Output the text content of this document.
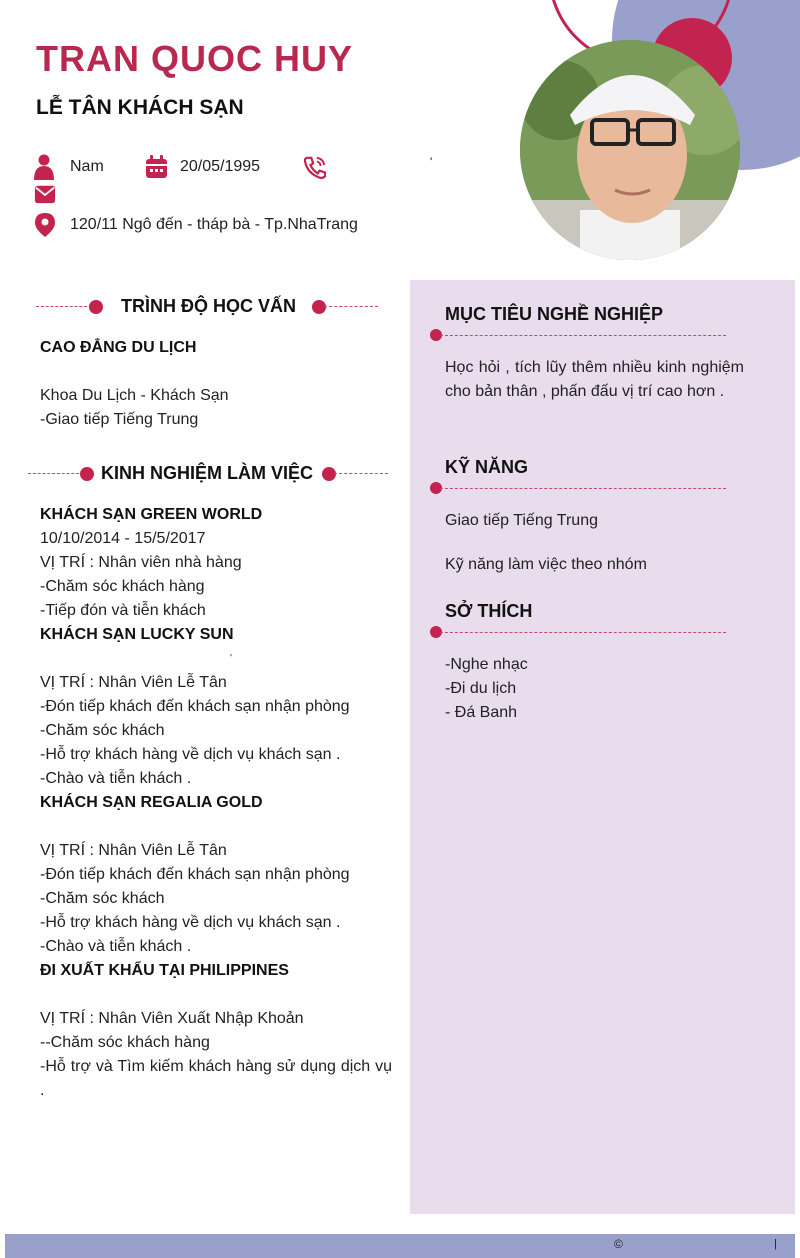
TRAN QUOC HUY
LỄ TÂN KHÁCH SẠN
Nam	20/05/1995	'
120/11 Ngô đến - tháp bà - Tp.NhaTrang
TRÌNH ĐỘ HỌC VẤN
CAO ĐẲNG DU LỊCH
Khoa Du Lịch - Khách Sạn
-Giao tiếp Tiếng Trung
KINH NGHIỆM LÀM VIỆC
KHÁCH SẠN GREEN WORLD
10/10/2014 - 15/5/2017
VỊ TRÍ : Nhân viên nhà hàng
-Chăm sóc khách hàng
-Tiếp đón và tiễn khách
KHÁCH SẠN LUCKY SUN
'
VỊ TRÍ : Nhân Viên Lễ Tân
-Đón tiếp khách đến khách sạn nhận phòng
-Chăm sóc khách
-Hỗ trợ khách hàng về dịch vụ khách sạn .
-Chào và tiễn khách .
KHÁCH SẠN REGALIA GOLD
VỊ TRÍ : Nhân Viên Lễ Tân
-Đón tiếp khách đến khách sạn nhận phòng
-Chăm sóc khách
-Hỗ trợ khách hàng về dịch vụ khách sạn .
-Chào và tiễn khách .
ĐI XUẤT KHẨU TẠI PHILIPPINES
VỊ TRÍ : Nhân Viên Xuất Nhập Khoản
--Chăm sóc khách hàng
-Hỗ trợ và Tìm kiếm khách hàng sử dụng dịch vụ .
MỤC TIÊU NGHỀ NGHIỆP
Học hỏi , tích lũy thêm nhiều kinh nghiệm cho bản thân , phấn đấu vị trí cao hơn .
KỸ NĂNG
Giao tiếp Tiếng Trung
Kỹ năng làm việc theo nhóm
SỞ THÍCH
-Nghe nhạc
-Đi du lịch
- Đá Banh
©	|
